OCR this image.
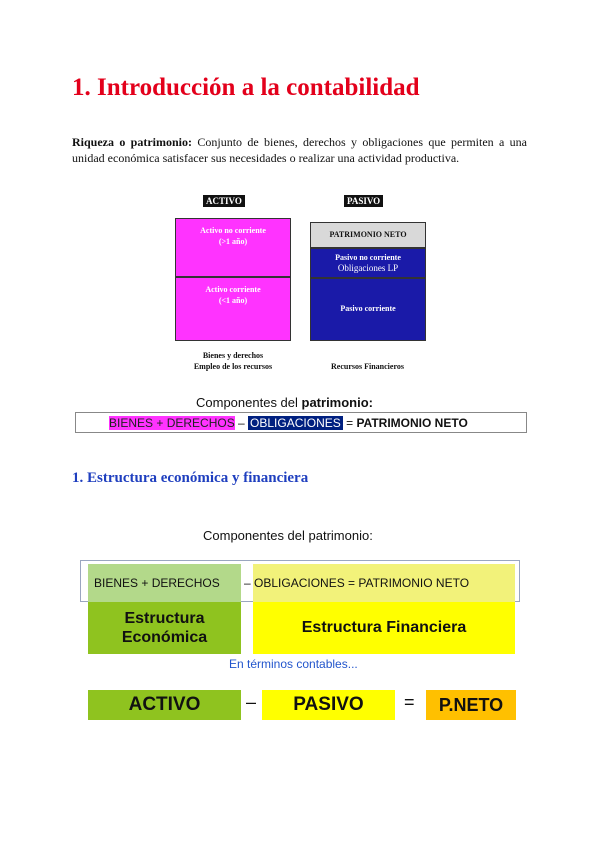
1. Introducción a la contabilidad
Riqueza o patrimonio: Conjunto de bienes, derechos y obligaciones que permiten a una unidad económica satisfacer sus necesidades o realizar una actividad productiva.
ACTIVO	PASIVO
Activo no corriente
(>1 año)
Activo corriente
(<1 año)
PATRIMONIO NETO
Pasivo no corriente
Obligaciones LP
Pasivo corriente
Bienes y derechos
Empleo de los recursos	Recursos Financieros
Componentes del patrimonio:
BIENES + DERECHOS – OBLIGACIONES = PATRIMONIO NETO
1. Estructura económica y financiera
Componentes del patrimonio:
BIENES + DERECHOS – OBLIGACIONES = PATRIMONIO NETO
Estructura Económica
Estructura Financiera
En términos contables...
ACTIVO	–	PASIVO	=	P.NETO
